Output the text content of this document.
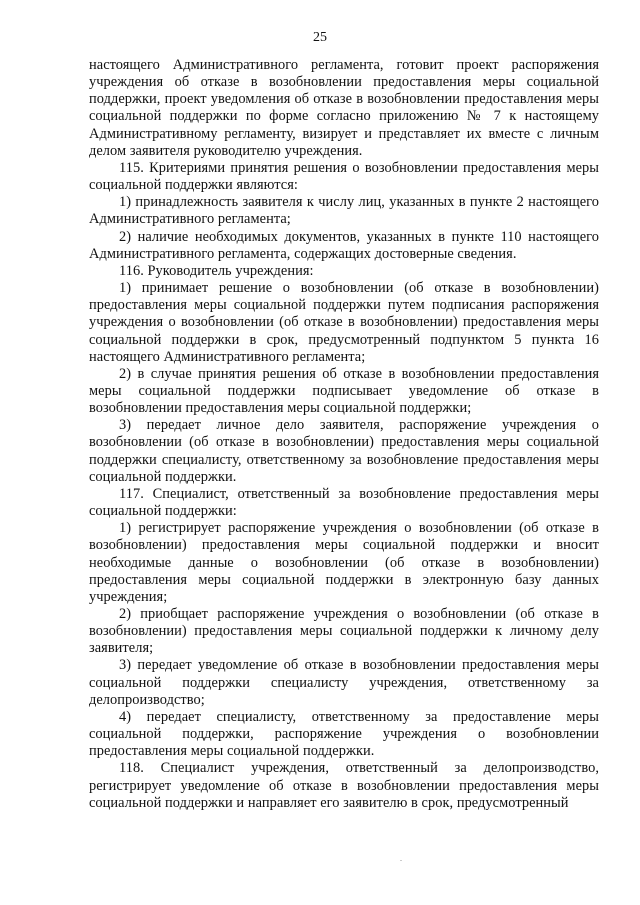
25

настоящего Административного регламента, готовит проект распоряжения учреждения об отказе в возобновлении предоставления меры социальной поддержки, проект уведомления об отказе в возобновлении предоставления меры социальной поддержки по форме согласно приложению № 7 к настоящему Административному регламенту, визирует и представляет их вместе с личным делом заявителя руководителю учреждения.

115. Критериями принятия решения о возобновлении предоставления меры социальной поддержки являются:

1) принадлежность заявителя к числу лиц, указанных в пункте 2 настоящего Административного регламента;

2) наличие необходимых документов, указанных в пункте 110 настоящего Административного регламента, содержащих достоверные сведения.

116. Руководитель учреждения:

1) принимает решение о возобновлении (об отказе в возобновлении) предоставления меры социальной поддержки путем подписания распоряжения учреждения о возобновлении (об отказе в возобновлении) предоставления меры социальной поддержки в срок, предусмотренный подпунктом 5 пункта 16 настоящего Административного регламента;

2) в случае принятия решения об отказе в возобновлении предоставления меры социальной поддержки подписывает уведомление об отказе в возобновлении предоставления меры социальной поддержки;

3) передает личное дело заявителя, распоряжение учреждения о возобновлении (об отказе в возобновлении) предоставления меры социальной поддержки специалисту, ответственному за возобновление предоставления меры социальной поддержки.

117. Специалист, ответственный за возобновление предоставления меры социальной поддержки:

1) регистрирует распоряжение учреждения о возобновлении (об отказе в возобновлении) предоставления меры социальной поддержки и вносит необходимые данные о возобновлении (об отказе в возобновлении) предоставления меры социальной поддержки в электронную базу данных учреждения;

2) приобщает распоряжение учреждения о возобновлении (об отказе в возобновлении) предоставления меры социальной поддержки к личному делу заявителя;

3) передает уведомление об отказе в возобновлении предоставления меры социальной поддержки специалисту учреждения, ответственному за делопроизводство;

4) передает специалисту, ответственному за предоставление меры социальной поддержки, распоряжение учреждения о возобновлении предоставления меры социальной поддержки.

118. Специалист учреждения, ответственный за делопроизводство, регистрирует уведомление об отказе в возобновлении предоставления меры социальной поддержки и направляет его заявителю в срок, предусмотренный
